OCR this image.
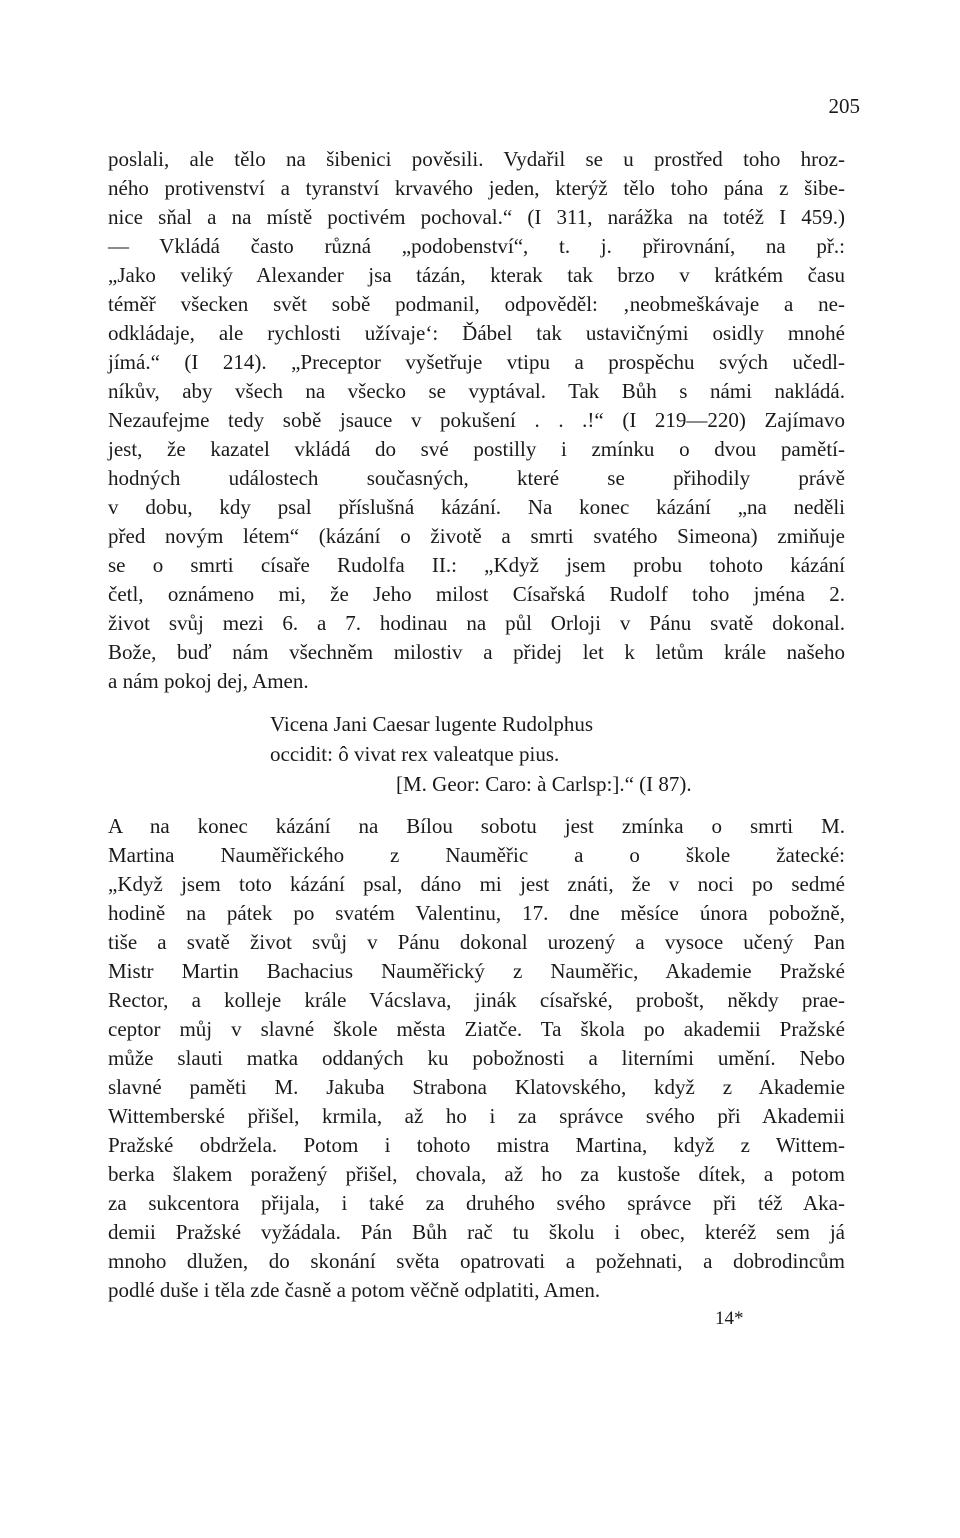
205
poslali, ale tělo na šibenici pověsili. Vydařil se u prostřed toho hroz-
ného protivenství a tyranství krvavého jeden, kterýž tělo toho pána z šibe-
nice sňal a na místě poctivém pochoval.“ (I 311, narážka na totéž I 459.)
— Vkládá často různá „podobenství“, t. j. přirovnání, na př.:
„Jako veliký Alexander jsa tázán, kterak tak brzo v krátkém času
téměř všecken svět sobě podmanil, odpověděl: ‚neobmeškávaje a ne-
odkládaje, ale rychlosti užívaje‘: Ďábel tak ustavičnými osidly mnohé
jímá.“ (I 214). „Preceptor vyšetřuje vtipu a prospěchu svých učedl-
níkův, aby všech na všecko se vyptával. Tak Bůh s námi nakládá.
Nezaufejme tedy sobě jsauce v pokušení . . .!“ (I 219—220) Zajímavo
jest, že kazatel vkládá do své postilly i zmínku o dvou pamětí-
hodných událostech současných, které se přihodily právě
v dobu, kdy psal příslušná kázání. Na konec kázání „na neděli
před novým létem“ (kázání o životě a smrti svatého Simeona) zmiňuje
se o smrti císaře Rudolfa II.: „Když jsem probu tohoto kázání
četl, oznámeno mi, že Jeho milost Císařská Rudolf toho jména 2.
život svůj mezi 6. a 7. hodinau na půl Orloji v Pánu svatě dokonal.
Bože, buď nám všechněm milostiv a přidej let k letům krále našeho
a nám pokoj dej, Amen.
Vicena Jani Caesar lugente Rudolphus
occidit: ô vivat rex valeatque pius.
[M. Geor: Caro: à Carlsp:].“ (I 87).
A na konec kázání na Bílou sobotu jest zmínka o smrti M.
Martina Nauměřického z Nauměřic a o škole žatecké:
„Když jsem toto kázání psal, dáno mi jest znáti, že v noci po sedmé
hodině na pátek po svatém Valentinu, 17. dne měsíce února pobožně,
tiše a svatě život svůj v Pánu dokonal urozený a vysoce učený Pan
Mistr Martin Bachacius Nauměřický z Nauměřic, Akademie Pražské
Rector, a kolleje krále Vácslava, jinák císařské, probošt, někdy prae-
ceptor můj v slavné škole města Ziatče. Ta škola po akademii Pražské
může slauti matka oddaných ku pobožnosti a literními umění. Nebo
slavné paměti M. Jakuba Strabona Klatovského, když z Akademie
Wittemberské přišel, krmila, až ho i za správce svého při Akademii
Pražské obdržela. Potom i tohoto mistra Martina, když z Wittem-
berka šlakem poražený přišel, chovala, až ho za kustoše dítek, a potom
za sukcentora přijala, i také za druhého svého správce při též Aka-
demii Pražské vyžádala. Pán Bůh rač tu školu i obec, kteréž sem já
mnoho dlužen, do skonání světa opatrovati a požehnati, a dobrodincům
podlé duše i těla zde časně a potom věčně odplatiti, Amen.
14*
